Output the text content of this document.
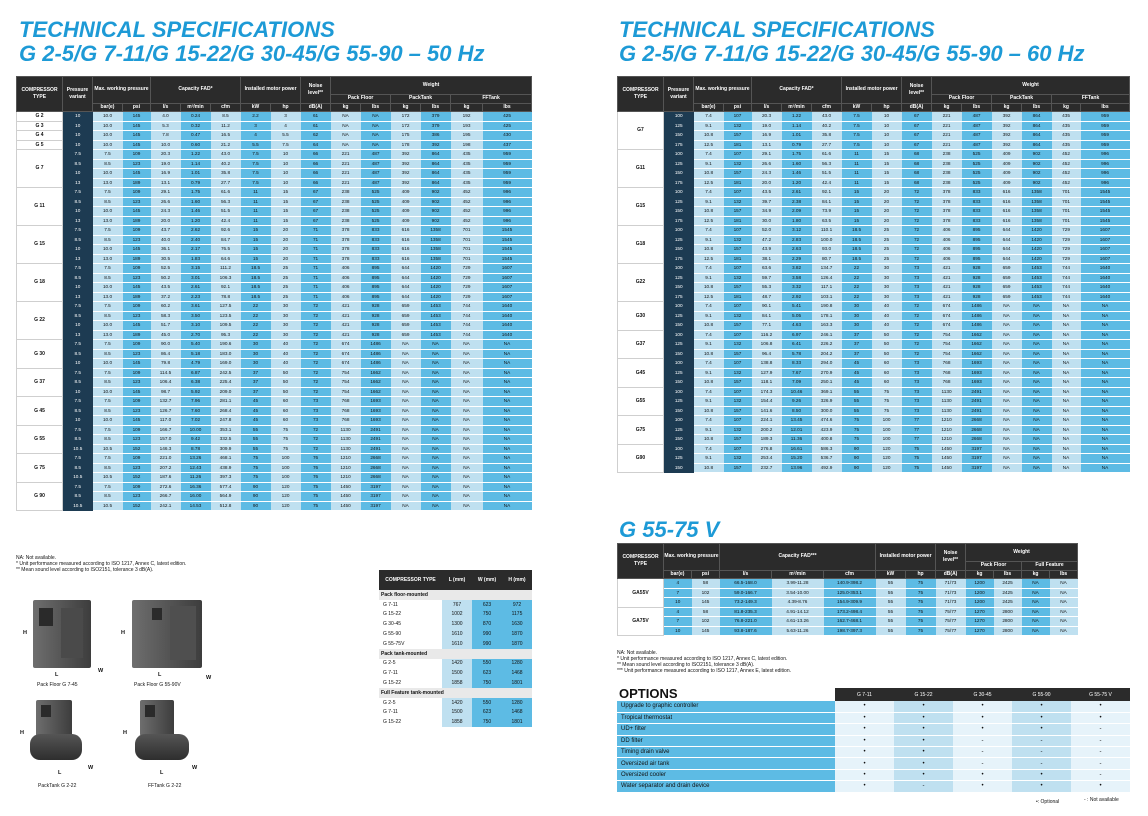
TECHNICAL SPECIFICATIONS
G 2-5/G 7-11/G 15-22/G 30-45/G 55-90 – 50 Hz
COMPRESSOR TYPE	Pressure variant	Max. working pressure		Capacity FAD*			Installed motor power		Noise level**	Weight					
										Pack Floor		PackTank		FFTank	
		bar(e)	psi	l/s	m³/min	cfm	kW	hp	dB(A)	kg	lbs	kg	lbs	kg	lbs
G 2	10	10.0	145	4.0	0.24	8.5	2.2	3	61	NA	NA	172	379	192	425
G 3	10	10.0	145	5.3	0.32	11.2	3	4	61	NA	NA	172	379	193	425
G 4	10	10.0	145	7.8	0.47	16.5	4	5.5	62	NA	NA	175	386	195	430
G 5	10	10.0	145	10.0	0.60	21.2	5.5	7.5	64	NA	NA	178	392	198	437
G 7	7.5	7.5	109	20.3	1.22	43.0	7.5	10	66	221	487	392	864	435	959
	8.5	8.5	123	19.0	1.14	40.2	7.5	10	66	221	487	392	864	435	959
	10	10.0	145	16.9	1.01	35.8	7.5	10	66	221	487	392	864	435	959
	13	13.0	189	13.1	0.79	27.7	7.5	10	66	221	487	392	864	435	959
G 11	7.5	7.5	109	29.1	1.75	61.6	11	15	67	238	525	409	902	452	996
	8.5	8.5	123	26.6	1.60	56.3	11	15	67	238	525	409	902	452	996
	10	10.0	145	24.3	1.46	51.5	11	15	67	238	525	409	902	452	996
	13	13.0	189	20.0	1.20	42.4	11	15	67	238	525	409	902	452	996
G 15	7.5	7.5	109	43.7	2.62	92.6	15	20	71	378	833	616	1358	701	1545
	8.5	8.5	123	40.0	2.40	84.7	15	20	71	378	833	616	1358	701	1545
	10	10.0	145	36.1	2.17	76.5	15	20	71	378	833	616	1358	701	1545
	13	13.0	189	30.5	1.83	64.6	15	20	71	378	833	616	1358	701	1545
G 18	7.5	7.5	109	52.5	3.15	111.2	18.5	25	71	406	895	644	1420	729	1607
	8.5	8.5	123	50.2	3.01	106.3	18.5	25	71	406	895	644	1420	729	1607
	10	10.0	145	43.5	2.61	92.1	18.5	25	71	406	895	644	1420	729	1607
	13	13.0	189	37.2	2.23	78.8	18.5	25	71	406	895	644	1420	729	1607
G 22	7.5	7.5	109	60.2	3.61	127.5	22	30	72	421	928	659	1453	744	1640
	8.5	8.5	123	58.3	3.50	123.5	22	30	72	421	928	659	1453	744	1640
	10	10.0	145	51.7	3.10	109.5	22	30	72	421	928	659	1453	744	1640
	13	13.0	189	45.0	2.70	95.3	22	30	72	421	928	659	1453	744	1640
G 30	7.5	7.5	109	90.0	5.40	190.6	30	40	72	674	1486	NA	NA	NA	NA
	8.5	8.5	123	86.4	5.18	183.0	30	40	72	674	1486	NA	NA	NA	NA
	10	10.0	145	79.8	4.79	169.0	30	40	72	674	1486	NA	NA	NA	NA
G 37	7.5	7.5	109	114.5	6.87	242.5	37	50	72	754	1662	NA	NA	NA	NA
	8.5	8.5	123	106.4	6.38	225.4	37	50	72	754	1662	NA	NA	NA	NA
	10	10.0	145	98.7	5.92	209.0	37	50	72	754	1662	NA	NA	NA	NA
G 45	7.5	7.5	109	132.7	7.96	281.1	45	60	73	768	1693	NA	NA	NA	NA
	8.5	8.5	123	126.7	7.60	268.4	45	60	73	768	1693	NA	NA	NA	NA
	10	10.0	145	117.0	7.02	247.8	45	60	73	768	1693	NA	NA	NA	NA
G 55	7.5	7.5	109	166.7	10.00	353.1	55	75	72	1130	2491	NA	NA	NA	NA
	8.5	8.5	123	157.0	9.42	332.5	55	75	72	1130	2491	NA	NA	NA	NA
	10.5	10.5	152	146.3	8.78	309.9	55	75	72	1130	2491	NA	NA	NA	NA
G 75	7.5	7.5	109	221.0	13.26	468.1	75	100	76	1210	2668	NA	NA	NA	NA
	8.5	8.5	123	207.2	12.43	438.9	75	100	76	1210	2668	NA	NA	NA	NA
	10.5	10.5	152	187.6	11.26	397.3	75	100	76	1210	2668	NA	NA	NA	NA
G 90	7.5	7.5	109	272.6	16.36	577.4	90	120	75	1450	3197	NA	NA	NA	NA
	8.5	8.5	123	266.7	16.00	564.9	90	120	75	1450	3197	NA	NA	NA	NA
	10.5	10.5	152	242.1	14.53	512.8	90	120	75	1450	3197	NA	NA	NA	NA
NA: Not available.
* Unit performance measured according to ISO 1217, Annex C, latest edition.
** Mean sound level according to ISO2151, tolerance 3 dB(A).
COMPRESSOR TYPE	L (mm)	W (mm)	H (mm)
Pack floor-mounted			
G 7-11	767	623	972
G 15-22	1002	750	1175
G 30-45	1300	870	1630
G 55-90	1610	990	1870
G 55-75V	1610	990	1870
Pack tank-mounted			
G 2-5	1420	550	1280
G 7-11	1500	623	1468
G 15-22	1858	750	1801
Full Feature tank-mounted			
G 2-5	1420	550	1280
G 7-11	1500	623	1468
G 15-22	1858	750	1801
H
L
W
Pack Floor G 7-45
H
L	W
Pack Floor G 55-90V
H
L
W
PackTank G 2-22
H
L
W
FFTank G 2-22
TECHNICAL SPECIFICATIONS
G 2-5/G 7-11/G 15-22/G 30-45/G 55-90 – 60 Hz
COMPRESSOR TYPE	Pressure variant	Max. working pressure		Capacity FAD*			Installed motor power		Noise level**	Weight					
										Pack Floor		PackTank		FFTank	
		bar(e)	psi	l/s	m³/min	cfm	kW	hp	dB(A)	kg	lbs	kg	lbs	kg	lbs
G7	100	7.4	107	20.3	1.22	43.0	7.5	10	67	221	487	392	864	435	959
	125	9.1	132	19.0	1.14	40.2	7.5	10	67	221	487	392	864	435	959
	150	10.8	157	16.9	1.01	35.8	7.5	10	67	221	487	392	864	435	959
	175	12.5	181	13.1	0.79	27.7	7.5	10	67	221	487	392	864	435	959
G11	100	7.4	107	29.1	1.75	61.6	11	15	68	238	525	409	902	452	996
	125	9.1	132	26.6	1.60	56.3	11	15	68	238	525	409	902	452	996
	150	10.8	157	24.3	1.46	51.5	11	15	68	238	525	409	902	452	996
	175	12.5	181	20.0	1.20	42.4	11	15	68	238	525	409	902	452	996
G15	100	7.4	107	43.5	2.61	92.1	15	20	72	378	833	616	1358	701	1545
	125	9.1	132	39.7	2.38	84.1	15	20	72	378	833	616	1358	701	1545
	150	10.8	157	34.9	2.09	73.9	15	20	72	378	833	616	1358	701	1545
	175	12.5	181	30.0	1.80	63.5	15	20	72	378	833	616	1358	701	1545
G18	100	7.4	107	52.0	3.12	110.1	18.5	25	72	406	895	644	1420	729	1607
	125	9.1	132	47.2	2.83	100.0	18.5	25	72	406	895	644	1420	729	1607
	150	10.8	157	43.9	2.63	93.0	18.5	25	72	406	895	644	1420	729	1607
	175	12.5	181	38.1	2.29	80.7	18.5	25	72	406	895	644	1420	729	1607
G22	100	7.4	107	63.6	3.82	134.7	22	30	73	421	928	659	1453	744	1640
	125	9.1	132	59.7	3.58	126.4	22	30	73	421	928	659	1453	744	1640
	150	10.8	157	55.3	3.32	117.1	22	30	73	421	928	659	1453	744	1640
	175	12.5	181	48.7	2.92	103.1	22	30	73	421	928	659	1453	744	1640
G30	100	7.4	107	90.1	5.41	190.8	30	40	72	674	1486	NA	NA	NA	NA
	125	9.1	132	84.1	5.05	178.1	30	40	72	674	1486	NA	NA	NA	NA
	150	10.8	157	77.1	4.63	163.3	30	40	72	674	1486	NA	NA	NA	NA
G37	100	7.4	107	116.2	6.97	246.1	37	50	72	754	1662	NA	NA	NA	NA
	125	9.1	132	106.8	6.41	226.2	37	50	72	754	1662	NA	NA	NA	NA
	150	10.8	157	96.4	5.78	204.2	37	50	72	754	1662	NA	NA	NA	NA
G45	100	7.4	107	138.8	8.33	294.0	45	60	73	768	1693	NA	NA	NA	NA
	125	9.1	132	127.9	7.67	270.9	45	60	73	768	1693	NA	NA	NA	NA
	150	10.8	157	118.1	7.09	250.1	45	60	73	768	1693	NA	NA	NA	NA
G55	100	7.4	107	174.3	10.46	369.1	55	75	73	1130	2491	NA	NA	NA	NA
	125	9.1	132	154.4	9.26	326.9	55	75	73	1130	2491	NA	NA	NA	NA
	150	10.8	157	141.6	8.50	300.0	55	75	73	1130	2491	NA	NA	NA	NA
G75	100	7.4	107	224.1	13.45	474.6	75	100	77	1210	2668	NA	NA	NA	NA
	125	9.1	132	200.2	12.01	423.9	75	100	77	1210	2668	NA	NA	NA	NA
	150	10.8	157	189.3	11.36	400.8	75	100	77	1210	2668	NA	NA	NA	NA
G90	100	7.4	107	276.8	16.61	586.3	90	120	75	1450	3197	NA	NA	NA	NA
	125	9.1	132	253.4	15.20	536.7	90	120	75	1450	3197	NA	NA	NA	NA
	150	10.8	157	232.7	13.96	492.9	90	120	75	1450	3197	NA	NA	NA	NA
G 55-75 V
COMPRESSOR TYPE	Max. working pressure		Capacity FAD***			Installed motor power		Noise level**	Weight			
									Pack Floor		Full Feature	
	bar(e)	psi	l/s	m³/min	cfm	kW	hp	dB(A)	kg	lbs	kg	lbs
GA55V	4	58	66.5-168.0	3.99-11.28	140.9-398.2	55	75	71/73	1200	2425	NA	NA
	7	102	59.0-166.7	3.54-10.00	125.0-353.1	55	75	71/73	1200	2425	NA	NA
	10	145	73.2-149.3	4.39-8.76	154.9-309.9	55	75	71/73	1200	2425	NA	NA
GA75V	4	58	81.8-235.3	4.91-14.12	173.2-498.4	55	75	75/77	1270	2800	NA	NA
	7	102	76.8-221.0	4.61-13.26	162.7-468.1	55	75	75/77	1270	2800	NA	NA
	10	145	93.8-187.6	5.63-11.26	198.7-397.3	55	75	75/77	1270	2800	NA	NA
NA: Not available.
* Unit performance measured according to ISO 1217, Annex C, latest edition.
** Mean sound level according to ISO2151, tolerance 3 dB(A).
*** Unit performance measured according to ISO 1217, Annex E, latest edition.
OPTIONS
		G 7-11	G 15-22	G 30-45	G 55-90	G 55-75 V
Upgrade to graphic controller	•	•	•	•	•
Tropical thermostat	•	•	•	•	•
UD+ filter	•	•	•	•	-
DD filter	•	•	-	-	-
Timing drain valve	•	•	-	-	-
Oversized air tank	•	•	-	-	-
Oversized cooler	•	•	•	•	-
Water separator and drain device	•	-	•	•	•
•: Optional	- : Not available
